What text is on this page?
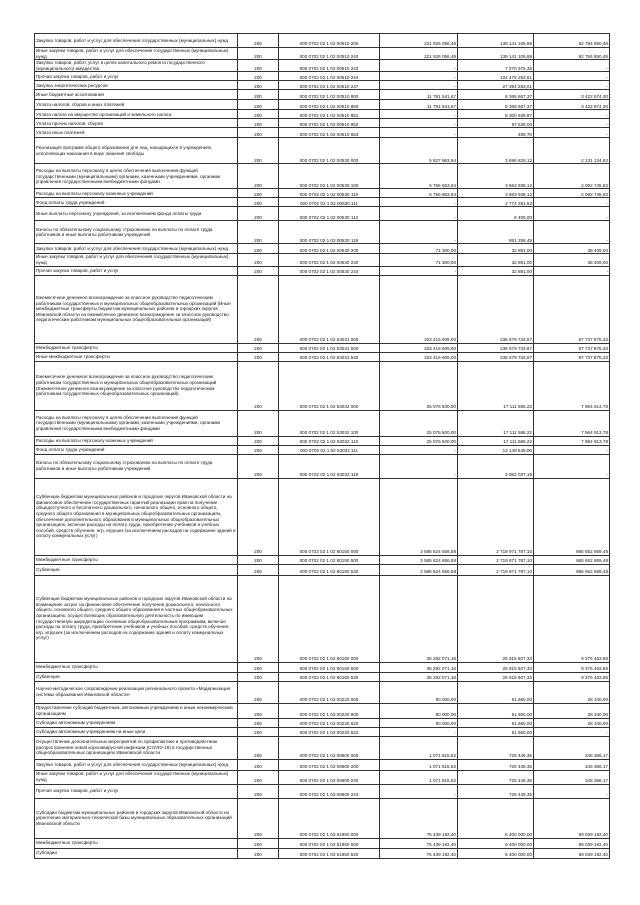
Закупка товаров, работ и услуг для обеспечения государственных (муниципальных) нужд	200	000 0702 02 1 02 00510 200	221 926 056,46	139 141 105,98	82 784 950,48
Иные закупки товаров, работ и услуг для обеспечения государственных (муниципальных) нужд	200	000 0702 02 1 02 00510 240	221 926 056,46	139 141 105,98	82 784 950,48
Закупка товаров, работ, услуг в целях капитального ремонта государственного (муниципального) имущества	200	000 0702 02 1 02 00510 243	-	7 270 376,36	-
Прочая закупка товаров, работ и услуг	200	000 0702 02 1 02 00510 244	-	104 478 252,61	-
Закупка энергетических ресурсов	200	000 0702 02 1 02 00510 247	-	27 394 283,01	-
Иные бюджетные ассигнования	200	000 0702 02 1 02 00510 800	11 791 541,67	8 368 667,37	3 422 874,30
Уплата налогов, сборов и иных платежей	200	000 0702 02 1 02 00510 850	11 791 541,67	8 368 667,37	3 422 874,30
Уплата налога на имущество организаций и земельного налога	200	000 0702 02 1 02 00510 851	-	8 300 639,87	-
Уплата прочих налогов, сборов	200	000 0702 02 1 02 00510 852	-	67 528,00	-
Уплата иных платежей	200	000 0702 02 1 02 00510 853	-	499,70	-
Реализация программ общего образования для лиц, находящихся в учреждениях, исполняющих наказания в виде лишения свободы	200	000 0702 02 1 02 00530 000	5 827 963,94	3 696 829,12	2 131 134,82
Расходы на выплаты персоналу в целях обеспечения выполнения функций государственными (муниципальными) органами, казенными учреждениями, органами управления государственными внебюджетными фондами	200	000 0702 02 1 02 00530 100	5 756 663,94	3 663 938,12	2 092 745,82
Расходы на выплаты персоналу казенных учреждений	200	000 0702 02 1 02 00530 110	5 756 663,94	3 663 938,12	2 092 745,82
Фонд оплаты труда учреждений	200	000 0702 02 1 02 00530 111	-	2 774 281,63	-
Иные выплаты персоналу учреждений, за исключением фонда оплаты труда	200	000 0702 02 1 02 00530 112	-	8 400,00	-
Взносы по обязательному социальному страхованию на выплаты по оплате труда работников и иные выплаты работникам учреждений	200	000 0702 02 1 02 00530 119	-	881 256,49	-
Закупка товаров, работ и услуг для обеспечения государственных (муниципальных) нужд	200	000 0702 02 1 02 00530 200	71 300,00	32 891,00	38 409,00
Иные закупки товаров, работ и услуг для обеспечения государственных (муниципальных) нужд	200	000 0702 02 1 02 00530 240	71 300,00	32 891,00	38 409,00
Прочая закупка товаров, работ и услуг	200	000 0702 02 1 02 00530 244	-	32 891,00	-
Ежемесячное денежное вознаграждение за классное руководство педагогическим работникам государственных и муниципальных общеобразовательных организаций (Иные межбюджетные трансферты бюджетам муниципальных районов и городских округов Ивановской области на ежемесячное денежное вознаграждение за классное руководство педагогическим работникам муниципальных общеобразовательных организаций)	200	000 0702 02 1 02 53031 000	323 416 609,00	235 679 733,67	87 737 875,33
Межбюджетные трансферты	200	000 0702 02 1 02 53031 500	323 416 609,00	235 679 733,67	87 737 875,33
Иные межбюджетные трансферты	200	000 0702 02 1 02 53031 540	323 416 609,00	235 679 733,67	87 737 875,33
Ежемесячное денежное вознаграждение за классное руководство педагогическим работникам государственных и муниципальных общеобразовательных организаций (Ежемесячное денежное вознаграждение за классное руководство педагогическим работникам государственных общеобразовательных организаций)	200	000 0702 02 1 02 53032 000	25 076 500,00	17 111 586,22	7 964 913,78
Расходы на выплаты персоналу в целях обеспечения выполнения функций государственными (муниципальными) органами, казенными учреждениями, органами управления государственными внебюджетными фондами	200	000 0702 02 1 02 53032 100	25 076 500,00	17 111 586,22	7 964 913,78
Расходы на выплаты персоналу казенных учреждений	200	000 0702 02 1 02 53032 110	25 076 500,00	17 111 586,22	7 964 913,78
Фонд оплаты труда учреждений	200	000 0702 02 1 02 53032 111	-	13 149 549,06	-
Взносы по обязательному социальному страхованию на выплаты по оплате труда работников и иные выплаты работникам учреждений	200	000 0702 02 1 02 53032 119	-	3 962 037,16	-
Субвенции бюджетам муниципальных районов и городских округов Ивановской области на финансовое обеспечение государственных гарантий реализации прав на получение общедоступного и бесплатного дошкольного, начального общего, основного общего, среднего общего образования в муниципальных общеобразовательных организациях, обеспечение дополнительного образования в муниципальных общеобразовательных организациях, включая расходы на оплату труда, приобретение учебников и учебных пособий, средств обучения, игр, игрушек (за исключением расходов на содержание зданий и оплату коммунальных услуг)	200	000 0702 02 1 02 80150 000	3 585 624 656,58	2 719 971 787,10	865 652 869,48
Межбюджетные трансферты	200	000 0702 02 1 02 80150 500	3 585 624 656,58	2 719 971 787,10	865 652 869,48
Субвенции	200	000 0702 02 1 02 80150 530	3 585 624 656,58	2 719 971 787,10	865 652 869,48
Субвенции бюджетам муниципальных районов и городских округов Ивановской области на возмещение затрат на финансовое обеспечение получения дошкольного, начального общего, основного общего, среднего общего образования в частных общеобразовательных организациях, осуществляющих образовательную деятельность по имеющим государственную аккредитацию основным общеобразовательным программам, включая расходы на оплату труда, приобретение учебников и учебных пособий, средств обучения, игр, игрушек (за исключением расходов на содержание зданий и оплату коммунальных услуг)	200	000 0702 02 1 02 80160 000	35 292 071,18	25 915 607,33	9 376 463,85
Межбюджетные трансферты	200	000 0702 02 1 02 80160 500	35 292 071,18	25 915 607,33	9 376 463,85
Субвенции	200	000 0702 02 1 02 80160 530	35 292 071,18	25 915 607,33	9 376 463,85
Научно-методическое сопровождение реализации регионального проекта «Модернизация системы образования Ивановской области»	200	000 0702 02 1 03 00220 000	80 000,00	51 660,00	28 340,00
Предоставление субсидий бюджетным, автономным учреждениям и иным некоммерческим организациям	200	000 0702 02 1 03 00220 600	80 000,00	51 660,00	28 340,00
Субсидии автономным учреждениям	200	000 0702 02 1 03 00220 620	80 000,00	51 660,00	28 340,00
Субсидии автономным учреждениям на иные цели	200	000 0702 02 1 03 00220 622	-	51 660,00	-
Осуществление дополнительных мероприятий по профилактике и противодействию распространения новой коронавирусной инфекции (COVID-19) в государственных общеобразовательных организациях Ивановской области	200	000 0702 02 1 03 08600 000	1 071 815,52	725 449,35	346 366,17
Закупка товаров, работ и услуг для обеспечения государственных (муниципальных) нужд	200	000 0702 02 1 03 08600 200	1 071 815,52	725 449,35	346 366,17
Иные закупки товаров, работ и услуг для обеспечения государственных (муниципальных) нужд	200	000 0702 02 1 03 08600 240	1 071 815,52	725 449,35	346 366,17
Прочая закупка товаров, работ и услуг	200	000 0702 02 1 03 08600 244	-	725 449,35	-
Субсидии бюджетам муниципальных районов и городских округов Ивановской области на укрепление материально-технической базы муниципальных образовательных организаций Ивановской области	200	000 0702 02 1 03 81950 000	75 439 192,40	6 400 000,00	69 039 192,40
Межбюджетные трансферты	200	000 0702 02 1 03 81950 500	75 439 192,40	6 400 000,00	69 039 192,40
Субсидии	200	000 0702 02 1 03 81950 520	75 439 192,40	6 400 000,00	69 039 192,40
